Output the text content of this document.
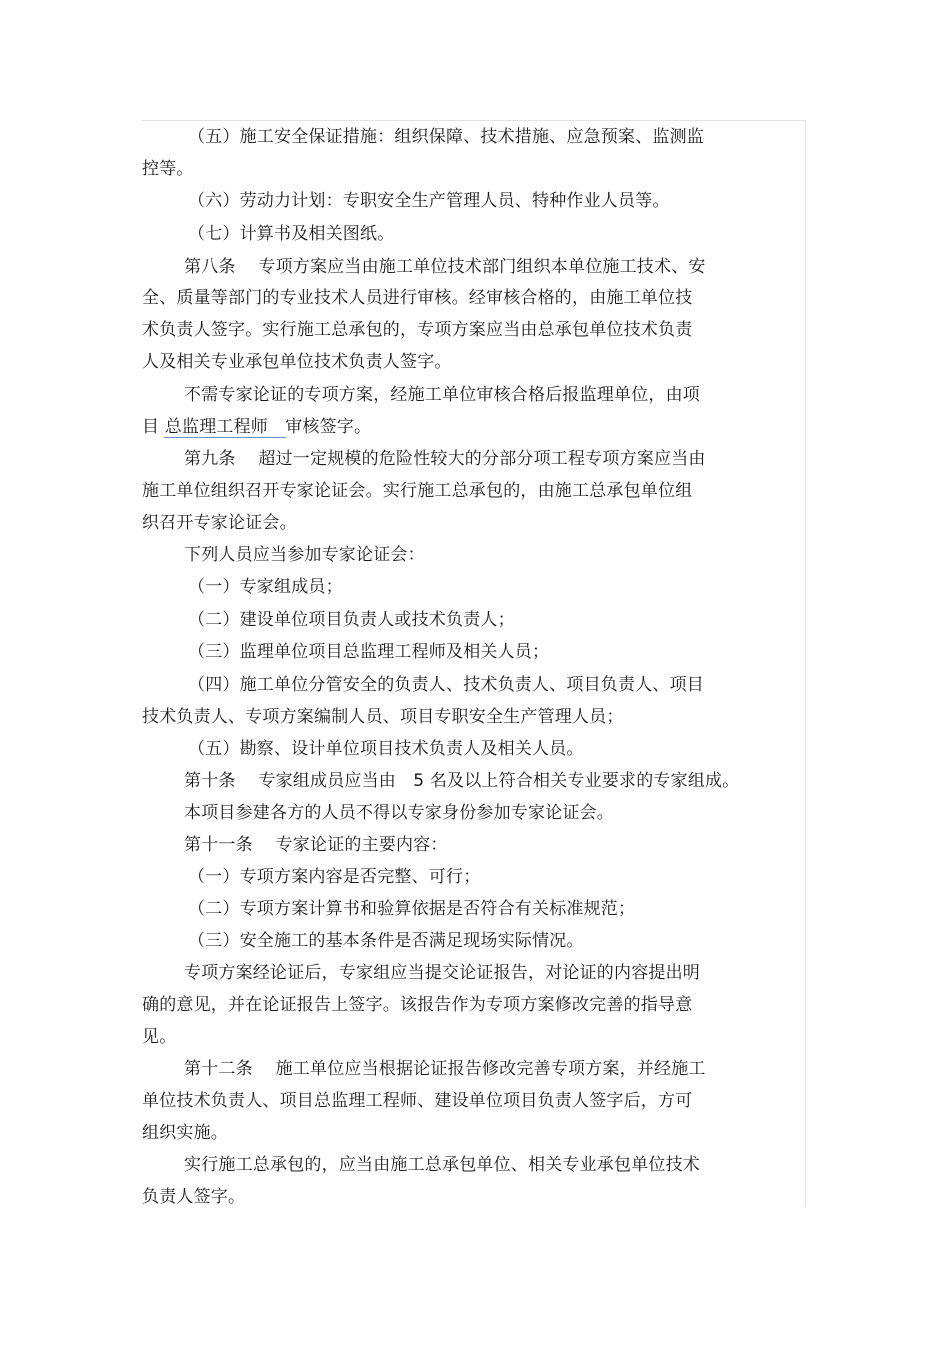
（五）施工安全保证措施：组织保障、技术措施、应急预案、监测监
控等。
（六）劳动力计划：专职安全生产管理人员、特种作业人员等。
（七）计算书及相关图纸。
第八条　 专项方案应当由施工单位技术部门组织本单位施工技术、安
全、质量等部门的专业技术人员进行审核。经审核合格的，由施工单位技
术负责人签字。实行施工总承包的，专项方案应当由总承包单位技术负责
人及相关专业承包单位技术负责人签字。
不需专家论证的专项方案，经施工单位审核合格后报监理单位，由项
目 总监理工程师　审核签字。
第九条　 超过一定规模的危险性较大的分部分项工程专项方案应当由
施工单位组织召开专家论证会。实行施工总承包的，由施工总承包单位组
织召开专家论证会。
下列人员应当参加专家论证会：
（一）专家组成员；
（二）建设单位项目负责人或技术负责人；
（三）监理单位项目总监理工程师及相关人员；
（四）施工单位分管安全的负责人、技术负责人、项目负责人、项目
技术负责人、专项方案编制人员、项目专职安全生产管理人员；
（五）勘察、设计单位项目技术负责人及相关人员。
第十条　 专家组成员应当由　5 名及以上符合相关专业要求的专家组成。
本项目参建各方的人员不得以专家身份参加专家论证会。
第十一条　 专家论证的主要内容：
（一）专项方案内容是否完整、可行；
（二）专项方案计算书和验算依据是否符合有关标准规范；
（三）安全施工的基本条件是否满足现场实际情况。
专项方案经论证后，专家组应当提交论证报告，对论证的内容提出明
确的意见，并在论证报告上签字。该报告作为专项方案修改完善的指导意
见。
第十二条　 施工单位应当根据论证报告修改完善专项方案，并经施工
单位技术负责人、项目总监理工程师、建设单位项目负责人签字后，方可
组织实施。
实行施工总承包的，应当由施工总承包单位、相关专业承包单位技术
负责人签字。
